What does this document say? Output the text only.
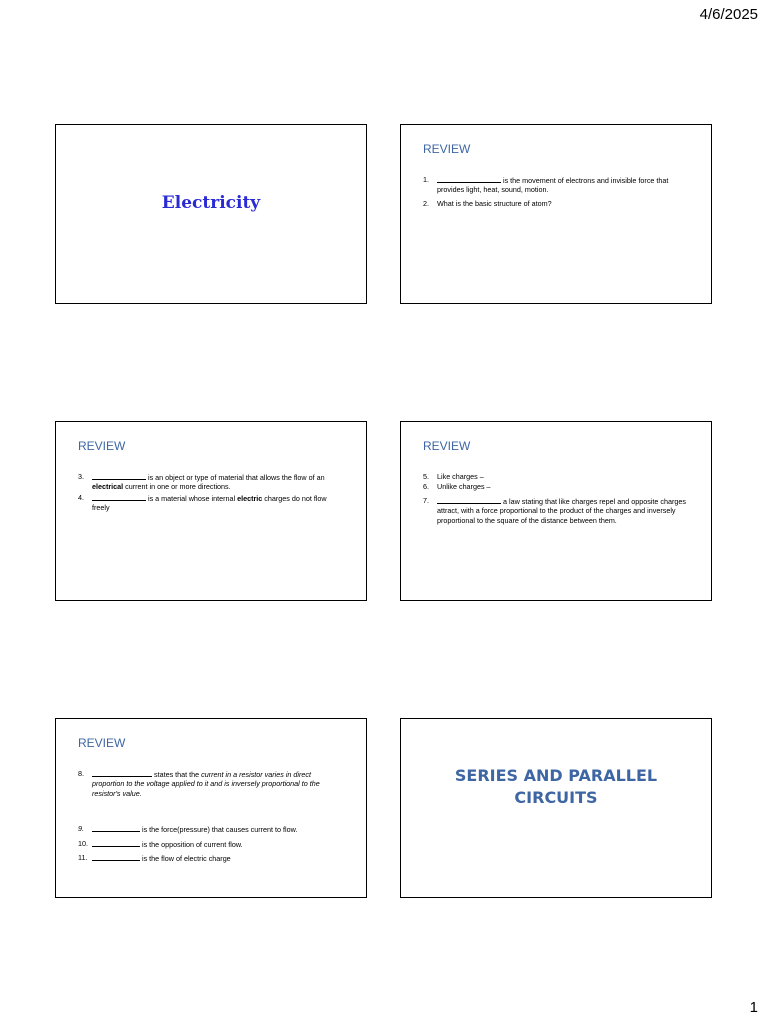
4/6/2025
Electricity
REVIEW
1.	is the movement of electrons and invisible force that provides light, heat, sound, motion.
2.	What is the basic structure of atom?
REVIEW
3.	is an object or type of material that allows the flow of an electrical current in one or more directions.
4.	is a material whose internal electric charges do not flow freely
REVIEW
5.	Like charges –
6.	Unlike charges –
7.	a law stating that like charges repel and opposite charges attract, with a force proportional to the product of the charges and inversely proportional to the square of the distance between them.
REVIEW
8.	states that the current in a resistor varies in direct proportion to the voltage applied to it and is inversely proportional to the resistor's value.
9.	is the force(pressure) that causes current to flow.
10.	is the opposition of current flow.
11.	is the flow of electric charge
SERIES AND PARALLEL
CIRCUITS
1
